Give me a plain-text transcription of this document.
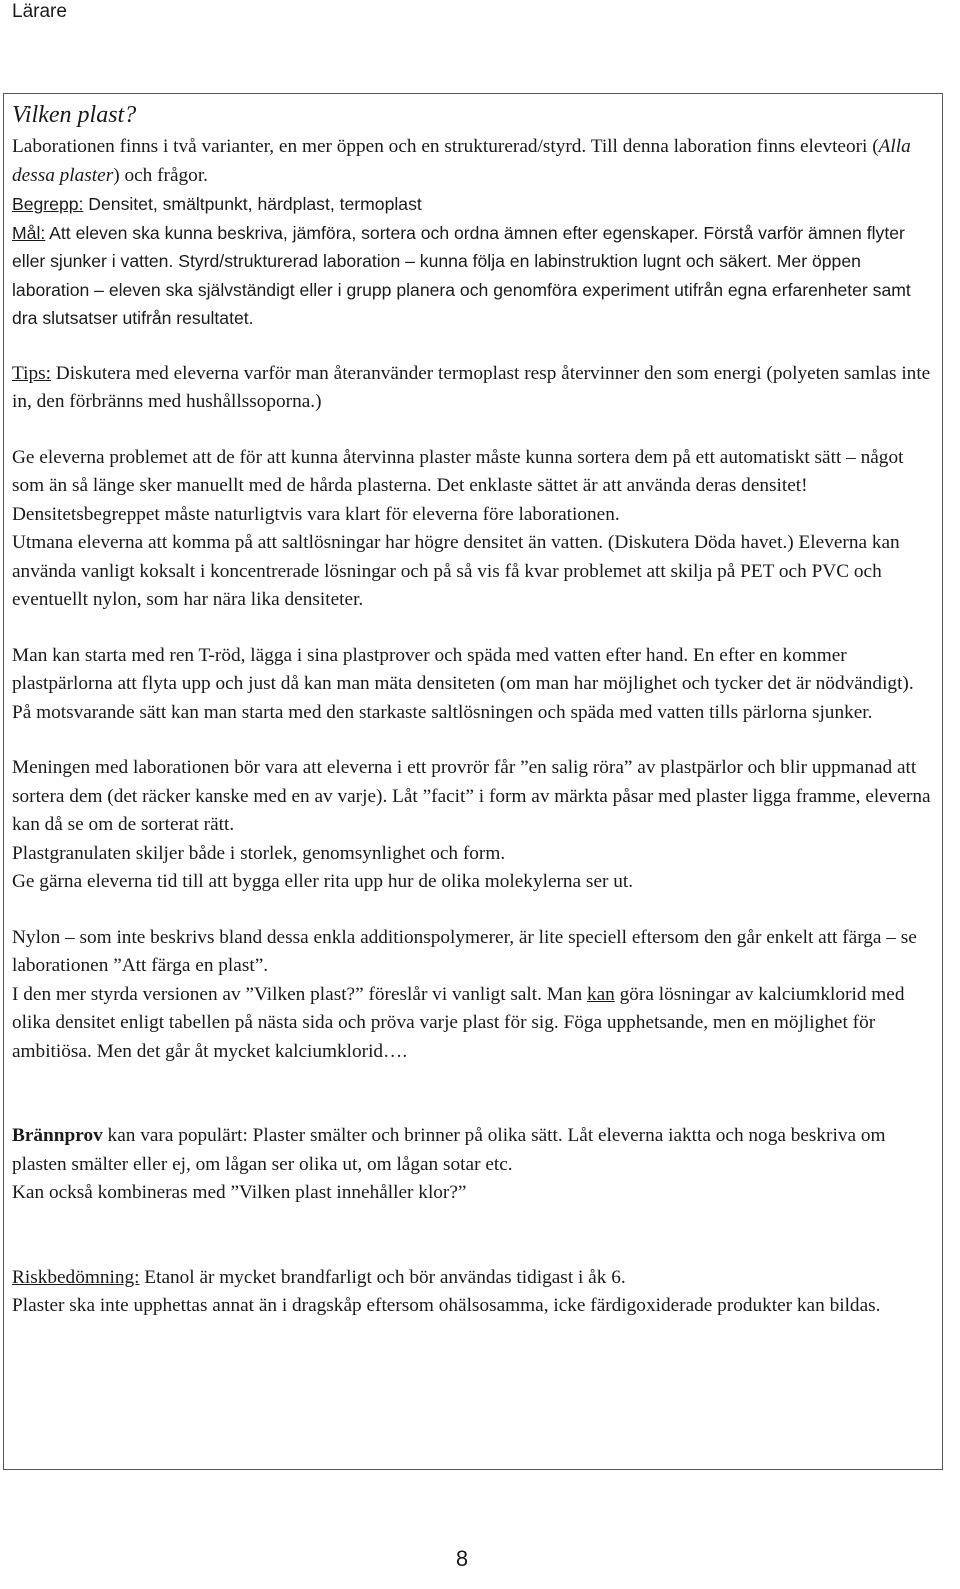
Lärare

Vilken plast?

Laborationen finns i två varianter, en mer öppen och en strukturerad/styrd. Till denna laboration finns elevteori (Alla dessa plaster) och frågor.

Begrepp: Densitet, smältpunkt, härdplast, termoplast

Mål: Att eleven ska kunna beskriva, jämföra, sortera och ordna ämnen efter egenskaper. Förstå varför ämnen flyter eller sjunker i vatten. Styrd/strukturerad laboration – kunna följa en labinstruktion lugnt och säkert. Mer öppen laboration – eleven ska självständigt eller i grupp planera och genomföra experiment utifrån egna erfarenheter samt dra slutsatser utifrån resultatet.

Tips: Diskutera med eleverna varför man återanvänder termoplast resp återvinner den som energi (polyeten samlas inte in, den förbränns med hushållssoporna.)

Ge eleverna problemet att de för att kunna återvinna plaster måste kunna sortera dem på ett automatiskt sätt – något som än så länge sker manuellt med de hårda plasterna. Det enklaste sättet är att använda deras densitet! Densitetsbegreppet måste naturligtvis vara klart för eleverna före laborationen.

Utmana eleverna att komma på att saltlösningar har högre densitet än vatten. (Diskutera Döda havet.) Eleverna kan använda vanligt koksalt i koncentrerade lösningar och på så vis få kvar problemet att skilja på PET och PVC och eventuellt nylon, som har nära lika densiteter.

Man kan starta med ren T-röd, lägga i sina plastprover och späda med vatten efter hand. En efter en kommer plastpärlorna att flyta upp och just då kan man mäta densiteten (om man har möjlighet och tycker det är nödvändigt).

På motsvarande sätt kan man starta med den starkaste saltlösningen och späda med vatten tills pärlorna sjunker.

Meningen med laborationen bör vara att eleverna i ett provrör får ”en salig röra” av plastpärlor och blir uppmanad att sortera dem (det räcker kanske med en av varje). Låt ”facit” i form av märkta påsar med plaster ligga framme, eleverna kan då se om de sorterat rätt.

Plastgranulaten skiljer både i storlek, genomsynlighet och form.

Ge gärna eleverna tid till att bygga eller rita upp hur de olika molekylerna ser ut.

Nylon – som inte beskrivs bland dessa enkla additionspolymerer, är lite speciell eftersom den går enkelt att färga – se laborationen ”Att färga en plast”.

I den mer styrda versionen av ”Vilken plast?” föreslår vi vanligt salt. Man kan göra lösningar av kalciumklorid med olika densitet enligt tabellen på nästa sida och pröva varje plast för sig. Föga upphetsande, men en möjlighet för ambitiösa. Men det går åt mycket kalciumklorid….

Brännprov kan vara populärt: Plaster smälter och brinner på olika sätt. Låt eleverna iaktta och noga beskriva om plasten smälter eller ej, om lågan ser olika ut, om lågan sotar etc.

Kan också kombineras med ”Vilken plast innehåller klor?”

Riskbedömning: Etanol är mycket brandfarligt och bör användas tidigast i åk 6.

Plaster ska inte upphettas annat än i dragskåp eftersom ohälsosamma, icke färdigoxiderade produkter kan bildas.

8
